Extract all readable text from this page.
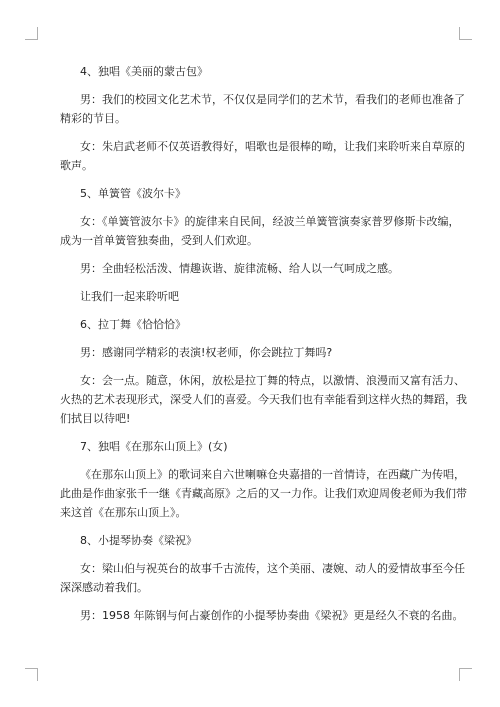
4、独唱《美丽的蒙古包》

男：我们的校园文化艺术节，不仅仅是同学们的艺术节，看我们的老师也准备了

精彩的节目。

女：朱启武老师不仅英语教得好，唱歌也是很棒的呦，让我们来聆听来自草原的

歌声。

5、单簧管《波尔卡》

女：《单簧管波尔卡》的旋律来自民间，经波兰单簧管演奏家普罗修斯卡改编，

成为一首单簧管独奏曲，受到人们欢迎。

男：全曲轻松活泼、情趣诙谐、旋律流畅、给人以一气呵成之感。

让我们一起来聆听吧

6、拉丁舞《恰恰恰》

男：感谢同学精彩的表演!权老师，你会跳拉丁舞吗?

女：会一点。随意，休闲，放松是拉丁舞的特点，以激情、浪漫而又富有活力、

火热的艺术表现形式，深受人们的喜爱。今天我们也有幸能看到这样火热的舞蹈，我

们拭目以待吧!

7、独唱《在那东山顶上》(女)

《在那东山顶上》的歌词来自六世喇嘛仓央嘉措的一首情诗，在西藏广为传唱，

此曲是作曲家张千一继《青藏高原》之后的又一力作。让我们欢迎周俊老师为我们带

来这首《在那东山顶上》。

8、小提琴协奏《梁祝》

女：梁山伯与祝英台的故事千古流传，这个美丽、凄婉、动人的爱情故事至今任

深深感动着我们。

男：1958 年陈钢与何占豪创作的小提琴协奏曲《梁祝》更是经久不衰的名曲。
